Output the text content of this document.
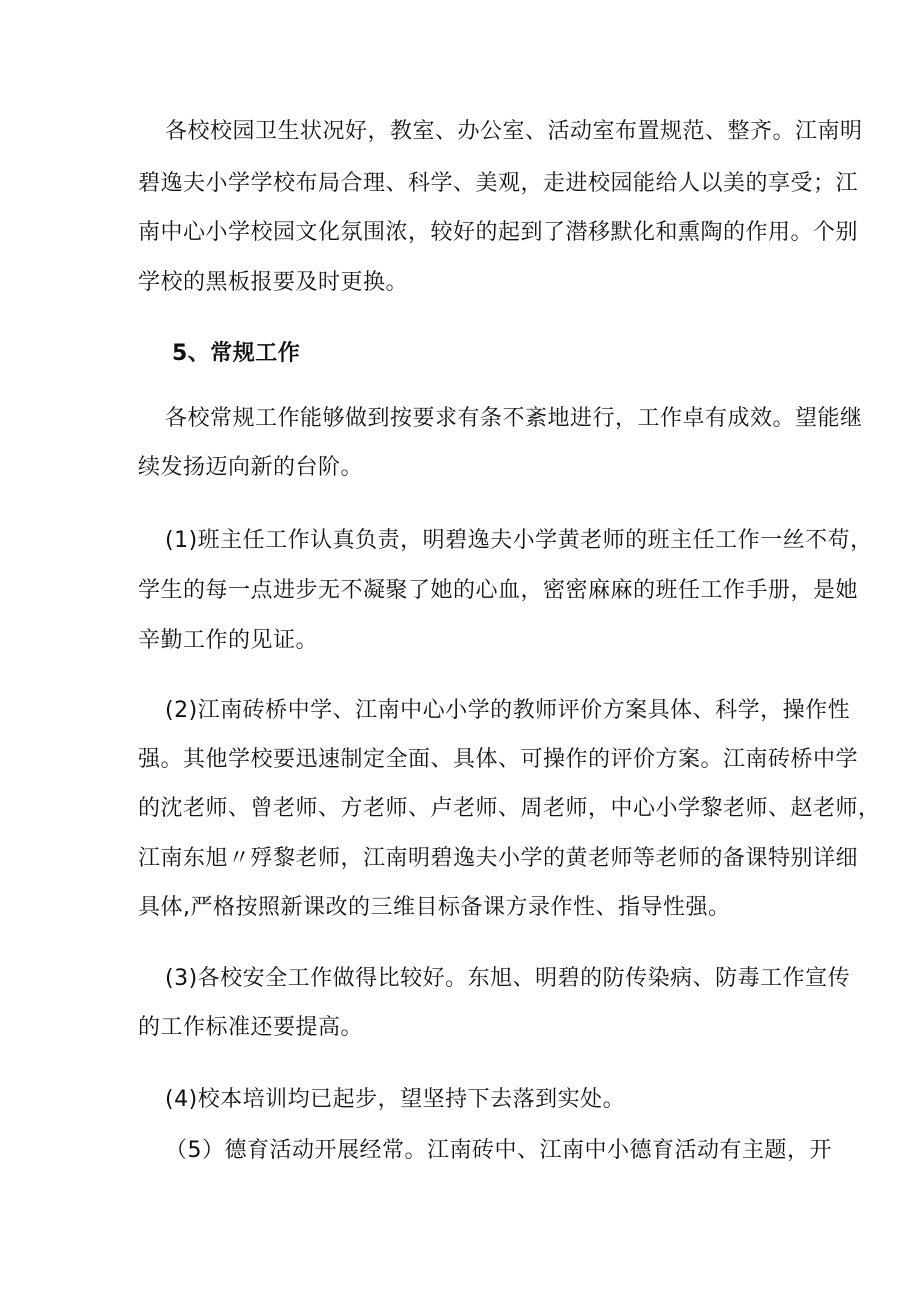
各校校园卫生状况好，教室、办公室、活动室布置规范、整齐。江南明
碧逸夫小学学校布局合理、科学、美观，走进校园能给人以美的享受；江
南中心小学校园文化氛围浓，较好的起到了潜移默化和熏陶的作用。个别
学校的黑板报要及时更换。
5、常规工作
各校常规工作能够做到按要求有条不紊地进行，工作卓有成效。望能继
续发扬迈向新的台阶。
(1)班主任工作认真负责，明碧逸夫小学黄老师的班主任工作一丝不苟，
学生的每一点进步无不凝聚了她的心血，密密麻麻的班任工作手册，是她
辛勤工作的见证。
(2)江南砖桥中学、江南中心小学的教师评价方案具体、科学，操作性
强。其他学校要迅速制定全面、具体、可操作的评价方案。江南砖桥中学
的沈老师、曾老师、方老师、卢老师、周老师，中心小学黎老师、赵老师，
江南东旭〃殍黎老师，江南明碧逸夫小学的黄老师等老师的备课特别详细
具体,严格按照新课改的三维目标备课方录作性、指导性强。
(3)各校安全工作做得比较好。东旭、明碧的防传染病、防毒工作宣传
的工作标准还要提高。
(4)校本培训均已起步，望坚持下去落到实处。
（5）德育活动开展经常。江南砖中、江南中小德育活动有主题，开
